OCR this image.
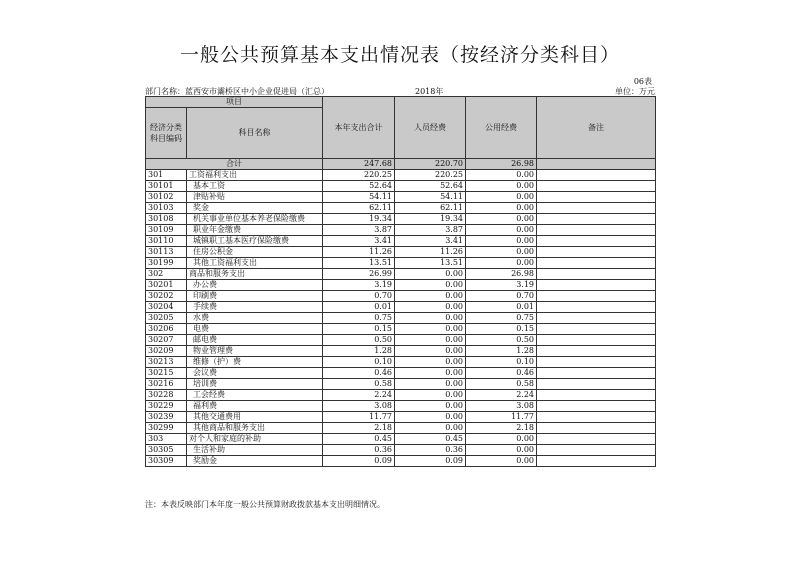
一般公共预算基本支出情况表（按经济分类科目）
06表
部门名称：蓝西安市灞桥区中小企业促进局（汇总）	2018年	单位：万元
项目		本年支出合计	人员经费	公用经费	备注
经济分类科目编码	科目名称				
合计		247.68	220.70	26.98	
301	工资福利支出	220.25	220.25	0.00	
30101	基本工资	52.64	52.64	0.00	
30102	津贴补贴	54.11	54.11	0.00	
30103	奖金	62.11	62.11	0.00	
30108	机关事业单位基本养老保险缴费	19.34	19.34	0.00	
30109	职业年金缴费	3.87	3.87	0.00	
30110	城镇职工基本医疗保险缴费	3.41	3.41	0.00	
30113	住房公积金	11.26	11.26	0.00	
30199	其他工资福利支出	13.51	13.51	0.00	
302	商品和服务支出	26.99	0.00	26.98	
30201	办公费	3.19	0.00	3.19	
30202	印刷费	0.70	0.00	0.70	
30204	手续费	0.01	0.00	0.01	
30205	水费	0.75	0.00	0.75	
30206	电费	0.15	0.00	0.15	
30207	邮电费	0.50	0.00	0.50	
30209	物业管理费	1.28	0.00	1.28	
30213	维修（护）费	0.10	0.00	0.10	
30215	会议费	0.46	0.00	0.46	
30216	培训费	0.58	0.00	0.58	
30228	工会经费	2.24	0.00	2.24	
30229	福利费	3.08	0.00	3.08	
30239	其他交通费用	11.77	0.00	11.77	
30299	其他商品和服务支出	2.18	0.00	2.18	
303	对个人和家庭的补助	0.45	0.45	0.00	
30305	生活补助	0.36	0.36	0.00	
30309	奖励金	0.09	0.09	0.00	
注：本表反映部门本年度一般公共预算财政拨款基本支出明细情况。
